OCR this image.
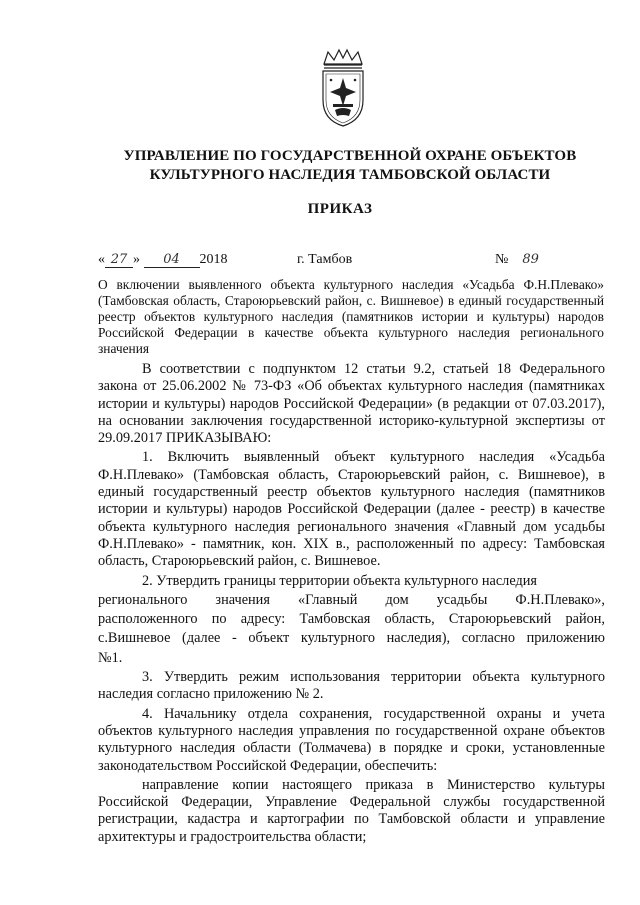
УПРАВЛЕНИЕ ПО ГОСУДАРСТВЕННОЙ ОХРАНЕ ОБЪЕКТОВ
КУЛЬТУРНОГО НАСЛЕДИЯ ТАМБОВСКОЙ ОБЛАСТИ
ПРИКАЗ
« 27 » 04 2018	г. Тамбов	№ 89
О включении выявленного объекта культурного наследия «Усадьба Ф.Н.Плевако» (Тамбовская область, Староюрьевский район, с. Вишневое) в единый государственный реестр объектов культурного наследия (памятников истории и культуры) народов Российской Федерации в качестве объекта культурного наследия регионального значения

В соответствии с подпунктом 12 статьи 9.2, статьей 18 Федерального закона от 25.06.2002 № 73-ФЗ «Об объектах культурного наследия (памятниках истории и культуры) народов Российской Федерации» (в редакции от 07.03.2017), на основании заключения государственной историко-культурной экспертизы от 29.09.2017 ПРИКАЗЫВАЮ:

1. Включить выявленный объект культурного наследия «Усадьба Ф.Н.Плевако» (Тамбовская область, Староюрьевский район, с. Вишневое), в единый государственный реестр объектов культурного наследия (памятников истории и культуры) народов Российской Федерации (далее - реестр) в качестве объекта культурного наследия регионального значения «Главный дом усадьбы Ф.Н.Плевако» - памятник, кон. XIX в., расположенный по адресу: Тамбовская область, Староюрьевский район, с. Вишневое.

2. Утвердить границы территории объекта культурного наследия

регионального значения «Главный дом усадьбы Ф.Н.Плевако»,

расположенного по адресу: Тамбовская область, Староюрьевский район,

с.Вишневое (далее - объект культурного наследия), согласно приложению

№1.

3. Утвердить режим использования территории объекта культурного наследия согласно приложению № 2.

4. Начальнику отдела сохранения, государственной охраны и учета объектов культурного наследия управления по государственной охране объектов культурного наследия области (Толмачева) в порядке и сроки, установленные законодательством Российской Федерации, обеспечить:

направление копии настоящего приказа в Министерство культуры Российской Федерации, Управление Федеральной службы государственной регистрации, кадастра и картографии по Тамбовской области и управление архитектуры и градостроительства области;
